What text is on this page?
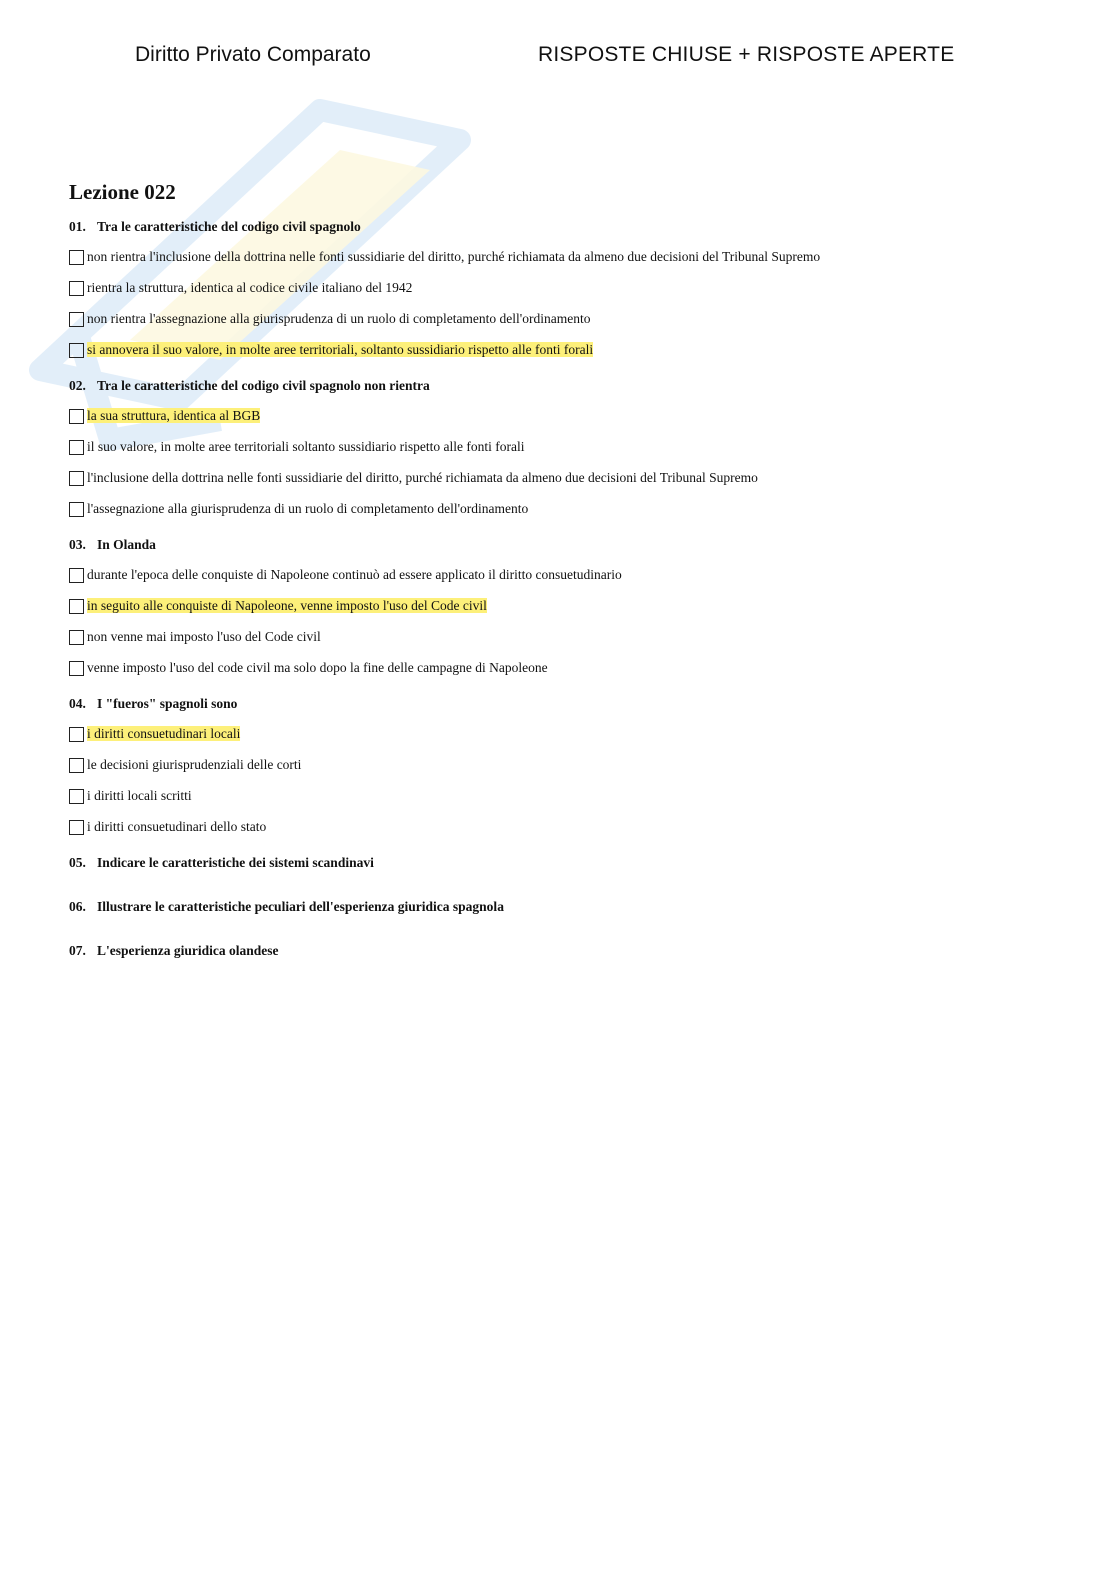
Diritto Privato Comparato	RISPOSTE CHIUSE + RISPOSTE APERTE
Lezione 022
01. Tra le caratteristiche del codigo civil spagnolo
non rientra l'inclusione della dottrina nelle fonti sussidiarie del diritto, purché richiamata da almeno due decisioni del Tribunal Supremo
rientra la struttura, identica al codice civile italiano del 1942
non rientra l'assegnazione alla giurisprudenza di un ruolo di completamento dell'ordinamento
si annovera il suo valore, in molte aree territoriali, soltanto sussidiario rispetto alle fonti forali
02. Tra le caratteristiche del codigo civil spagnolo non rientra
la sua struttura, identica al BGB
il suo valore, in molte aree territoriali soltanto sussidiario rispetto alle fonti forali
l'inclusione della dottrina nelle fonti sussidiarie del diritto, purché richiamata da almeno due decisioni del Tribunal Supremo
l'assegnazione alla giurisprudenza di un ruolo di completamento dell'ordinamento
03. In Olanda
durante l'epoca delle conquiste di Napoleone continuò ad essere applicato il diritto consuetudinario
in seguito alle conquiste di Napoleone, venne imposto l'uso del Code civil
non venne mai imposto l'uso del Code civil
venne imposto l'uso del code civil ma solo dopo la fine delle campagne di Napoleone
04. I "fueros" spagnoli sono
i diritti consuetudinari locali
le decisioni giurisprudenziali delle corti
i diritti locali scritti
i diritti consuetudinari dello stato
05. Indicare le caratteristiche dei sistemi scandinavi
06. Illustrare le caratteristiche peculiari dell'esperienza giuridica spagnola
07. L'esperienza giuridica olandese
